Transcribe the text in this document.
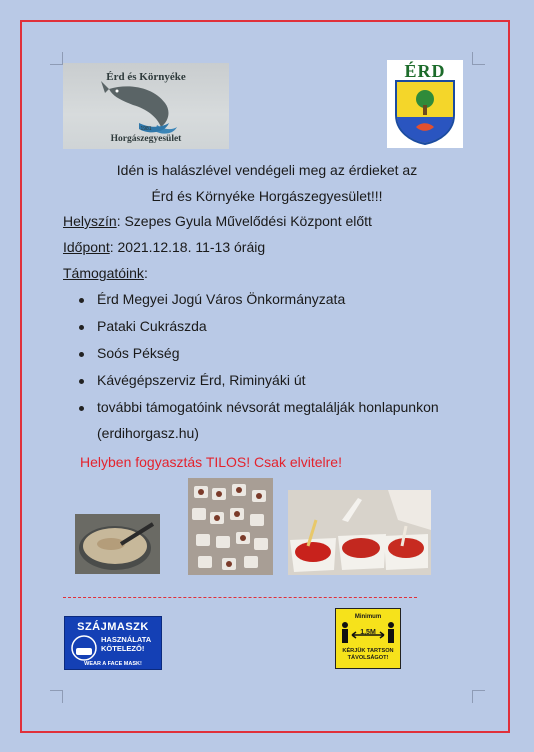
Érd és Környéke
1981
Horgászegyesület
ÉRD
Idén is halászlével vendégeli meg az érdieket az
Érd és Környéke Horgászegyesület!!!
Helyszín: Szepes Gyula Művelődési Központ előtt
Időpont: 2021.12.18. 11-13 óráig
Támogatóink:
Érd Megyei Jogú Város Önkormányzata
Pataki Cukrászda
Soós Pékség
Kávégépszerviz Érd, Riminyáki út
további támogatóink névsorát megtalálják honlapunkon
(erdihorgasz.hu)
Helyben fogyasztás TILOS! Csak elvitelre!
SZÁJMASZK
HASZNÁLATA
KÖTELEZŐ!
WEAR A FACE MASK!
Minimum
1,5M
KÉRJÜK TARTSON
TÁVOLSÁGOT!
